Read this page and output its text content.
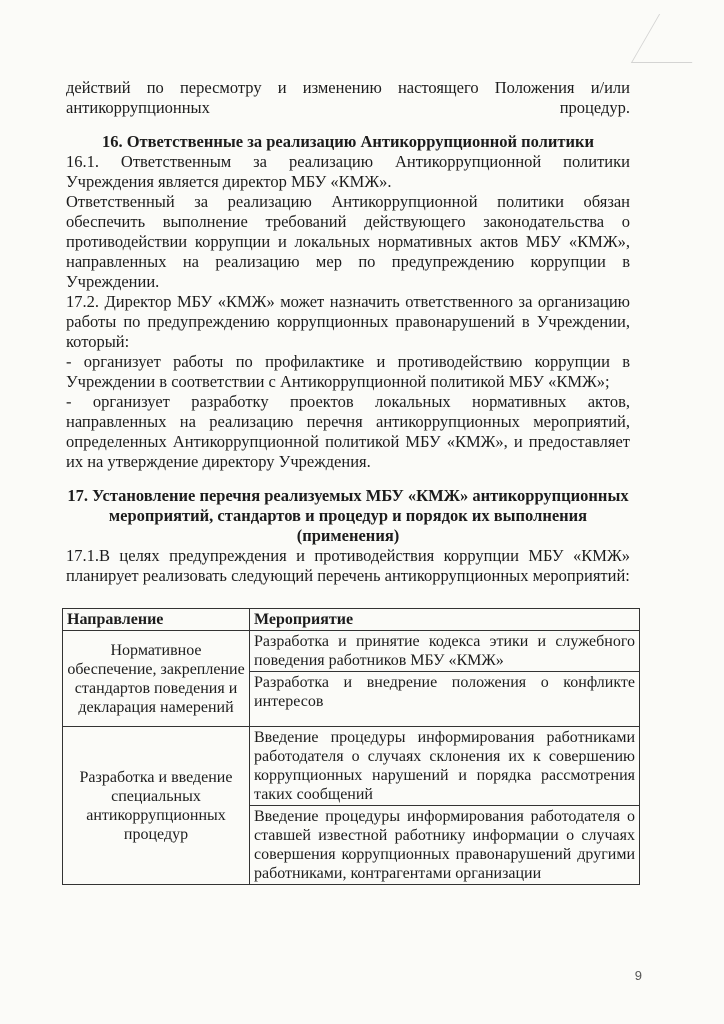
действий по пересмотру и изменению настоящего Положения и/или антикоррупционных процедур.

16. Ответственные за реализацию Антикоррупционной политики

16.1. Ответственным за реализацию Антикоррупционной политики Учреждения является директор МБУ «КМЖ».

Ответственный за реализацию Антикоррупционной политики обязан обеспечить выполнение требований действующего законодательства о противодействии коррупции и локальных нормативных актов МБУ «КМЖ», направленных на реализацию мер по предупреждению коррупции в Учреждении.

17.2. Директор МБУ «КМЖ» может назначить ответственного за организацию работы по предупреждению коррупционных правонарушений в Учреждении, который:

- организует работы по профилактике и противодействию коррупции в Учреждении в соответствии с Антикоррупционной политикой МБУ «КМЖ»;

- организует разработку проектов локальных нормативных актов, направленных на реализацию перечня антикоррупционных мероприятий, определенных Антикоррупционной политикой МБУ «КМЖ», и предоставляет их на утверждение директору Учреждения.

17. Установление перечня реализуемых МБУ «КМЖ» антикоррупционных мероприятий, стандартов и процедур и порядок их выполнения (применения)

17.1.В целях предупреждения и противодействия коррупции МБУ «КМЖ» планирует реализовать следующий перечень антикоррупционных мероприятий:

Направление	Мероприятие
Нормативное обеспечение, закрепление стандартов поведения и декларация намерений	Разработка и принятие кодекса этики и служебного поведения работников МБУ «КМЖ»
	Разработка и внедрение положения о конфликте интересов
Разработка и введение специальных антикоррупционных процедур	Введение процедуры информирования работниками работодателя о случаях склонения их к совершению коррупционных нарушений и порядка рассмотрения таких сообщений
	Введение процедуры информирования работодателя о ставшей известной работнику информации о случаях совершения коррупционных правонарушений другими работниками, контрагентами организации
9
